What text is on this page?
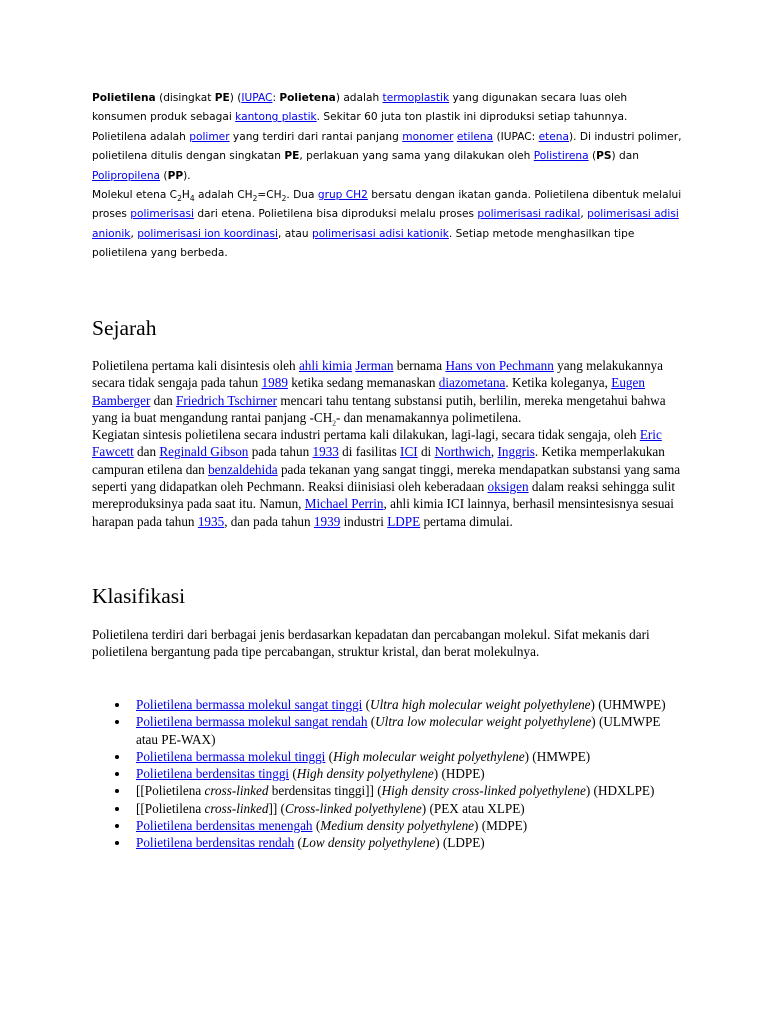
Polietilena (disingkat PE) (IUPAC: Polietena) adalah termoplastik yang digunakan secara luas oleh konsumen produk sebagai kantong plastik. Sekitar 60 juta ton plastik ini diproduksi setiap tahunnya. Polietilena adalah polimer yang terdiri dari rantai panjang monomer etilena (IUPAC: etena). Di industri polimer, polietilena ditulis dengan singkatan PE, perlakuan yang sama yang dilakukan oleh Polistirena (PS) dan Polipropilena (PP).

Molekul etena $C_2H_4$ adalah $CH_2=CH_2$. Dua grup CH2 bersatu dengan ikatan ganda. Polietilena dibentuk melalui proses polimerisasi dari etena. Polietilena bisa diproduksi melalu proses polimerisasi radikal, polimerisasi adisi anionik, polimerisasi ion koordinasi, atau polimerisasi adisi kationik. Setiap metode menghasilkan tipe polietilena yang berbeda.

Sejarah

Polietilena pertama kali disintesis oleh ahli kimia Jerman bernama Hans von Pechmann yang melakukannya secara tidak sengaja pada tahun 1989 ketika sedang memanaskan diazometana. Ketika koleganya, Eugen Bamberger dan Friedrich Tschirner mencari tahu tentang substansi putih, berlilin, mereka mengetahui bahwa yang ia buat mengandung rantai panjang $-CH_2-$ dan menamakannya polimetilena.

Kegiatan sintesis polietilena secara industri pertama kali dilakukan, lagi-lagi, secara tidak sengaja, oleh Eric Fawcett dan Reginald Gibson pada tahun 1933 di fasilitas ICI di Northwich, Inggris. Ketika memperlakukan campuran etilena dan benzaldehida pada tekanan yang sangat tinggi, mereka mendapatkan substansi yang sama seperti yang didapatkan oleh Pechmann. Reaksi diinisiasi oleh keberadaan oksigen dalam reaksi sehingga sulit mereproduksinya pada saat itu. Namun, Michael Perrin, ahli kimia ICI lainnya, berhasil mensintesisnya sesuai harapan pada tahun 1935, dan pada tahun 1939 industri LDPE pertama dimulai.

Klasifikasi

Polietilena terdiri dari berbagai jenis berdasarkan kepadatan dan percabangan molekul. Sifat mekanis dari polietilena bergantung pada tipe percabangan, struktur kristal, dan berat molekulnya.

Polietilena bermassa molekul sangat tinggi (Ultra high molecular weight polyethylene) (UHMWPE)
Polietilena bermassa molekul sangat rendah (Ultra low molecular weight polyethylene) (ULMWPE atau PE-WAX)
Polietilena bermassa molekul tinggi (High molecular weight polyethylene) (HMWPE)
Polietilena berdensitas tinggi (High density polyethylene) (HDPE)
[[Polietilena cross-linked berdensitas tinggi]] (High density cross-linked polyethylene) (HDXLPE)
[[Polietilena cross-linked]] (Cross-linked polyethylene) (PEX atau XLPE)
Polietilena berdensitas menengah (Medium density polyethylene) (MDPE)
Polietilena berdensitas rendah (Low density polyethylene) (LDPE)
